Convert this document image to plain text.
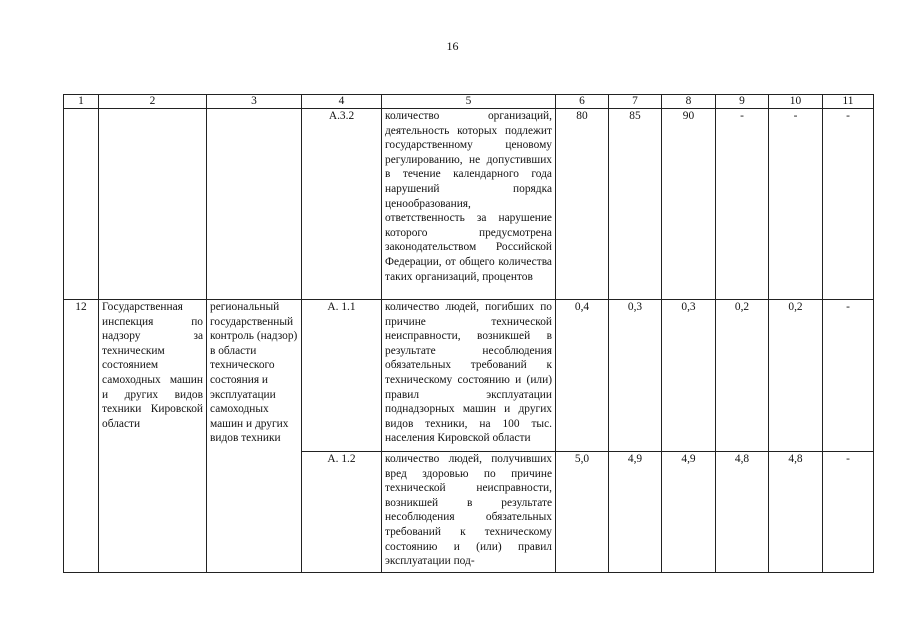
16
1	2	3	4	5	6	7	8	9	10	11
			А.3.2	количество организаций, деятельность которых подлежит государственному ценовому регулированию, не допустивших в течение календарного года нарушений порядка ценообразования, ответственность за нарушение которого предусмотрена законодательством Российской Федерации, от общего количества таких организаций, процентов	80	85	90	-	-	-
12	Государственная инспекция по надзору за техническим состоянием самоходных машин и других видов техники Кировской области	региональный государственный контроль (надзор) в области технического состояния и эксплуатации самоходных машин и других видов техники	А. 1.1	количество людей, погибших по причине технической неисправности, возникшей в результате несоблюдения обязательных требований к техническому состоянию и (или) правил эксплуатации поднадзорных машин и других видов техники, на 100 тыс. населения Кировской области	0,4	0,3	0,3	0,2	0,2	-
			А. 1.2	количество людей, получивших вред здоровью по причине технической неисправности, возникшей в результате несоблюдения обязательных требований к техническому состоянию и (или) правил эксплуатации под-	5,0	4,9	4,9	4,8	4,8	-
